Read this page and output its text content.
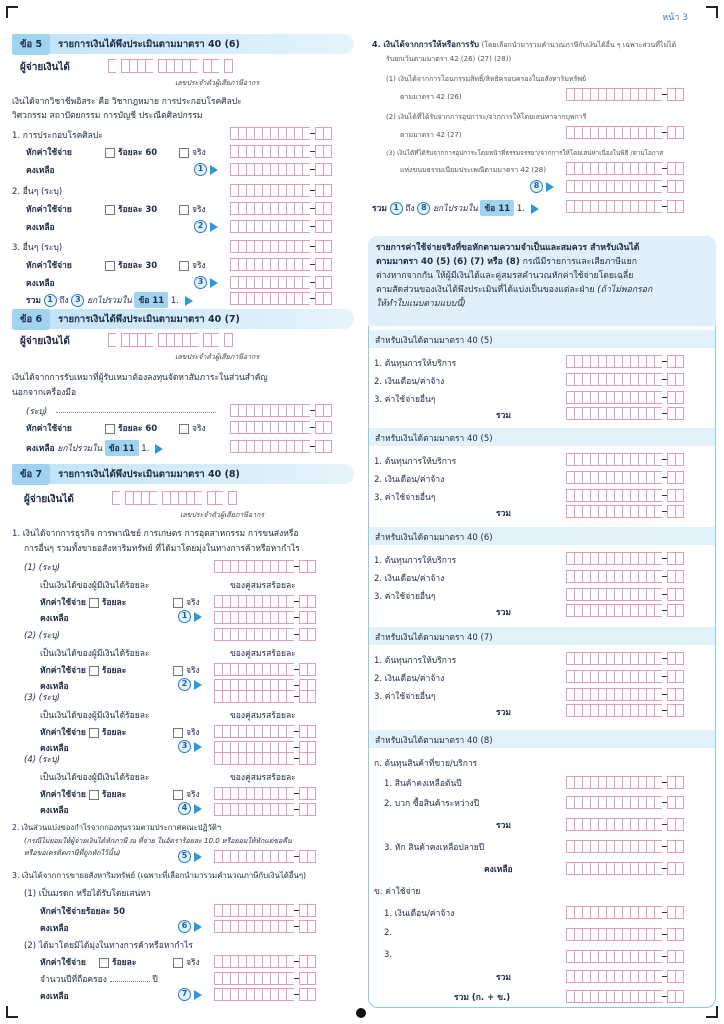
หน้า 3
ข้อ 5	รายการเงินได้พึงประเมินตามมาตรา 40 (6)
ผู้จ่ายเงินได้
เลขประจำตัวผู้เสียภาษีอากร
เงินได้จากวิชาชีพอิสระ คือ วิชากฎหมาย การประกอบโรคศิลปะ
วิศวกรรม สถาปัตยกรรม การบัญชี ประณีตศิลปกรรม
1. การประกอบโรคศิลปะ
หักค่าใช้จ่าย	ร้อยละ 60	จริง
คงเหลือ	1
2. อื่นๆ (ระบุ)
หักค่าใช้จ่าย	ร้อยละ 30	จริง
คงเหลือ	2
3. อื่นๆ (ระบุ)
หักค่าใช้จ่าย	ร้อยละ 30	จริง
คงเหลือ	3
รวม 1 ถึง 3 ยกไปรวมใน ข้อ 11 1.
ข้อ 6	รายการเงินได้พึงประเมินตามมาตรา 40 (7)
ผู้จ่ายเงินได้
เลขประจำตัวผู้เสียภาษีอากร
เงินได้จากการรับเหมาที่ผู้รับเหมาต้องลงทุนจัดหาสัมภาระในส่วนสำคัญ
นอกจากเครื่องมือ
(ระบุ)
หักค่าใช้จ่าย	ร้อยละ 60	จริง
คงเหลือ ยกไปรวมใน ข้อ 11 1.
ข้อ 7	รายการเงินได้พึงประเมินตามมาตรา 40 (8)
ผู้จ่ายเงินได้
เลขประจำตัวผู้เสียภาษีอากร
1. เงินได้จากการธุรกิจ การพาณิชย์ การเกษตร การอุตสาหกรรม การขนส่งหรือ
การอื่นๆ รวมทั้งขายอสังหาริมทรัพย์ ที่ได้มาโดยมุ่งในทางการค้าหรือหากำไร
(1) (ระบุ)
เป็นเงินได้ของผู้มีเงินได้ร้อยละ	ของคู่สมรสร้อยละ
หักค่าใช้จ่าย ร้อยละ	จริง
คงเหลือ	1
(2) (ระบุ)
เป็นเงินได้ของผู้มีเงินได้ร้อยละ	ของคู่สมรสร้อยละ
หักค่าใช้จ่าย ร้อยละ	จริง
คงเหลือ	2
(3) (ระบุ)
เป็นเงินได้ของผู้มีเงินได้ร้อยละ	ของคู่สมรสร้อยละ
หักค่าใช้จ่าย ร้อยละ	จริง
คงเหลือ	3
(4) (ระบุ)
เป็นเงินได้ของผู้มีเงินได้ร้อยละ	ของคู่สมรสร้อยละ
หักค่าใช้จ่าย ร้อยละ	จริง
คงเหลือ	4
2. เงินส่วนแบ่งของกำไรจากกองทุนรวมตามประกาศคณะปฏิวัติฯ
(กรณีไม่ยอมให้ผู้จ่ายเงินได้หักภาษี ณ ที่จ่าย ในอัตราร้อยละ 10.0 หรือยอมให้หักแต่ขอคืน
หรือขอเครดิตภาษีที่ถูกหักไว้นั้น)	5
3. เงินได้จากการขายอสังหาริมทรัพย์ (เฉพาะที่เลือกนำมารวมคำนวณภาษีกับเงินได้อื่นๆ)
(1) เป็นมรดก หรือได้รับโดยเสน่หา
หักค่าใช้จ่ายร้อยละ 50
คงเหลือ	6
(2) ได้มาโดยมิได้มุ่งในทางการค้าหรือหากำไร
หักค่าใช้จ่าย	ร้อยละ	จริง
จำนวนปีที่ถือครอง	ปี
คงเหลือ	7
4. เงินได้จากการให้หรือการรับ (โดยเลือกนำมารวมคำนวณภาษีกับเงินได้อื่น ๆ เฉพาะส่วนที่ไม่ได้
รับยกเว้นตามมาตรา 42 (26) (27) (28))
(1) เงินได้จากการโอนกรรมสิทธิ์/สิทธิครอบครองในอสังหาริมทรัพย์
ตามมาตรา 42 (26)
(2) เงินได้ที่ได้รับจากการอุปการะ/จากการให้โดยเสน่หาจากบุพการี
ตามมาตรา 42 (27)
(3) เงินได้ที่ได้รับจากการอุปการะโดยหน้าที่ธรรมจรรยา/จากการให้โดยเสน่หาเนื่องในพิธี /ตามโอกาส
แห่งขนบธรรมเนียมประเพณีตามมาตรา 42 (28)
8
รวม 1 ถึง 8 ยกไปรวมใน ข้อ 11 1.
รายการค่าใช้จ่ายจริงที่ขอหักตามความจำเป็นและสมควร สำหรับเงินได้
ตามมาตรา 40 (5) (6) (7) หรือ (8) กรณีมีรายการและเสียภาษีแยก
ต่างหากจากกัน ให้ผู้มีเงินได้และคู่สมรสคำนวณหักค่าใช้จ่ายโดยเฉลี่ย
ตามสัดส่วนของเงินได้พึงประเมินที่ได้แบ่งเป็นของแต่ละฝ่าย (ถ้าไม่พอกรอก
ให้ทำใบแนบตามแบบนี้)
สำหรับเงินได้ตามมาตรา 40 (5)
1. ต้นทุนการให้บริการ
2. เงินเดือน/ค่าจ้าง
3. ค่าใช้จ่ายอื่นๆ
รวม
สำหรับเงินได้ตามมาตรา 40 (5)
1. ต้นทุนการให้บริการ
2. เงินเดือน/ค่าจ้าง
3. ค่าใช้จ่ายอื่นๆ
รวม
สำหรับเงินได้ตามมาตรา 40 (6)
1. ต้นทุนการให้บริการ
2. เงินเดือน/ค่าจ้าง
3. ค่าใช้จ่ายอื่นๆ
รวม
สำหรับเงินได้ตามมาตรา 40 (7)
1. ต้นทุนการให้บริการ
2. เงินเดือน/ค่าจ้าง
3. ค่าใช้จ่ายอื่นๆ
รวม
สำหรับเงินได้ตามมาตรา 40 (8)
ก. ต้นทุนสินค้าที่ขาย/บริการ
1. สินค้าคงเหลือต้นปี
2. บวก ซื้อสินค้าระหว่างปี
รวม
3. หัก สินค้าคงเหลือปลายปี
คงเหลือ
ข. ค่าใช้จ่าย
1. เงินเดือน/ค่าจ้าง
2.
3.
รวม
รวม (ก. + ข.)
